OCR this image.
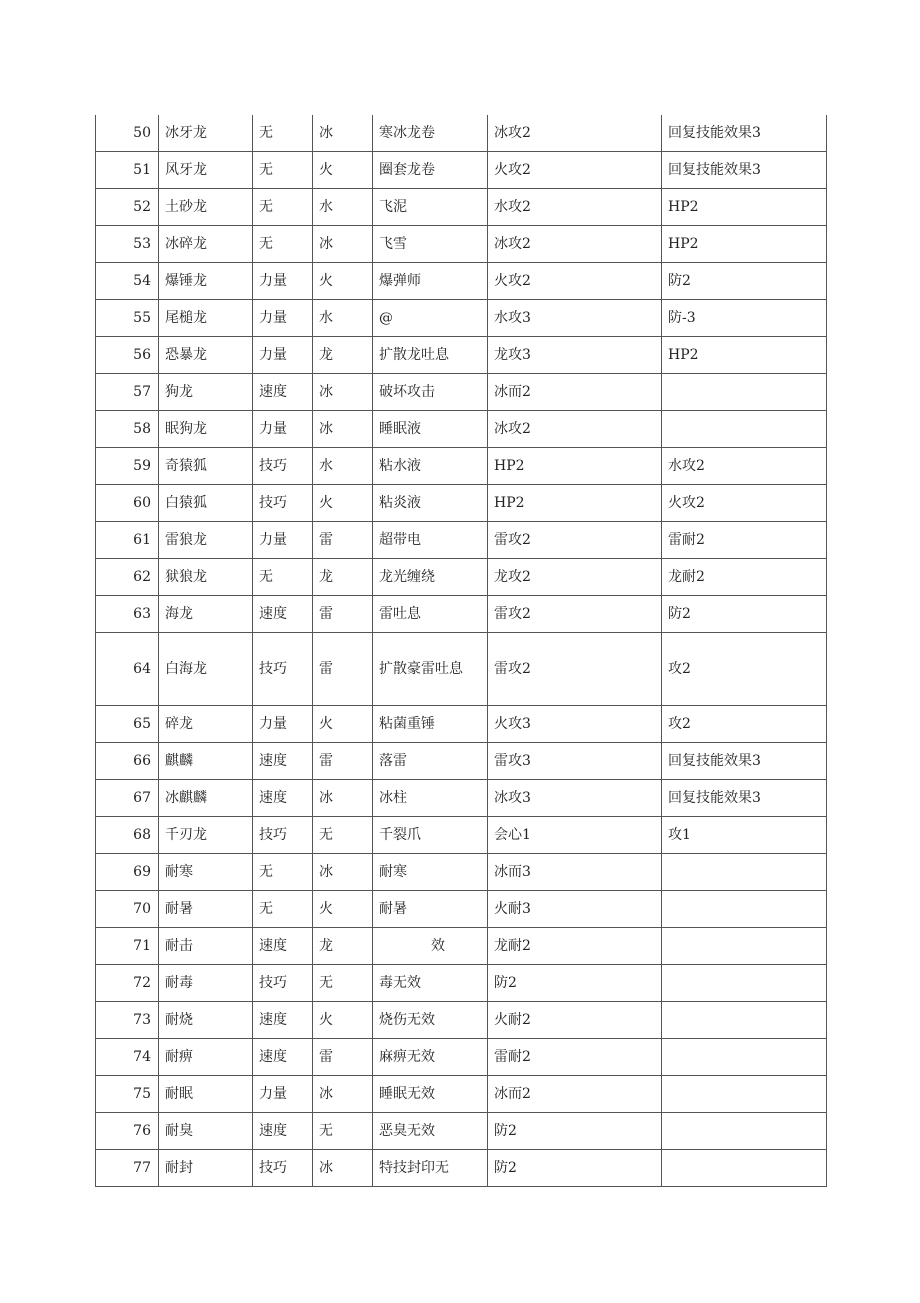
50	冰牙龙	无	冰	寒冰龙卷	冰攻2	回复技能效果3
51	风牙龙	无	火	圈套龙卷	火攻2	回复技能效果3
52	土砂龙	无	水	飞泥	水攻2	HP2
53	冰碎龙	无	冰	飞雪	冰攻2	HP2
54	爆锤龙	力量	火	爆弹师	火攻2	防2
55	尾槌龙	力量	水	@	水攻3	防-3
56	恐暴龙	力量	龙	扩散龙吐息	龙攻3	HP2
57	狗龙	速度	冰	破坏攻击	冰而2	
58	眠狗龙	力量	冰	睡眠液	冰攻2	
59	奇猿狐	技巧	水	粘水液	HP2	水攻2
60	白猿狐	技巧	火	粘炎液	HP2	火攻2
61	雷狼龙	力量	雷	超带电	雷攻2	雷耐2
62	狱狼龙	无	龙	龙光缠绕	龙攻2	龙耐2
63	海龙	速度	雷	雷吐息	雷攻2	防2
64	白海龙	技巧	雷	扩散豪雷吐息	雷攻2	攻2
65	碎龙	力量	火	粘菌重锤	火攻3	攻2
66	麒麟	速度	雷	落雷	雷攻3	回复技能效果3
67	冰麒麟	速度	冰	冰柱	冰攻3	回复技能效果3
68	千刃龙	技巧	无	千裂爪	会心1	攻1
69	耐寒	无	冰	耐寒	冰而3	
70	耐暑	无	火	耐暑	火耐3	
71	耐击	速度	龙	效	龙耐2	
72	耐毒	技巧	无	毒无效	防2	
73	耐烧	速度	火	烧伤无效	火耐2	
74	耐痹	速度	雷	麻痹无效	雷耐2	
75	耐眠	力量	冰	睡眠无效	冰而2	
76	耐臭	速度	无	恶臭无效	防2	
77	耐封	技巧	冰	特技封印无	防2	
